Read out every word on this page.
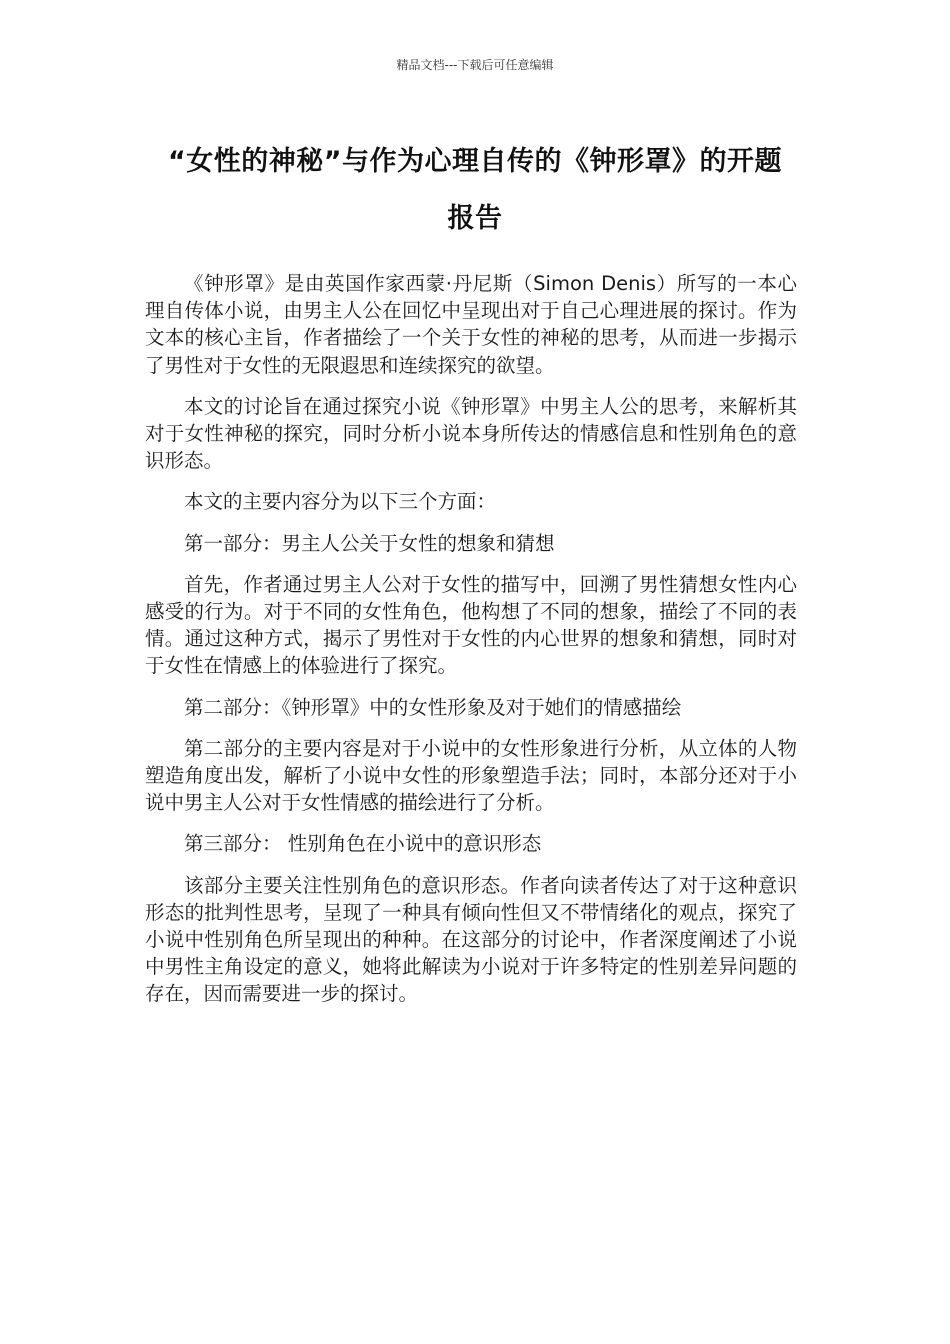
精品文档---下载后可任意编辑
“女性的神秘”与作为心理自传的《钟形罩》的开题
报告

《钟形罩》是由英国作家西蒙·丹尼斯（Simon Denis）所写的一本心理自传体小说，由男主人公在回忆中呈现出对于自己心理进展的探讨。作为文本的核心主旨，作者描绘了一个关于女性的神秘的思考，从而进一步揭示了男性对于女性的无限遐思和连续探究的欲望。

本文的讨论旨在通过探究小说《钟形罩》中男主人公的思考，来解析其对于女性神秘的探究，同时分析小说本身所传达的情感信息和性别角色的意识形态。

本文的主要内容分为以下三个方面：

第一部分：男主人公关于女性的想象和猜想

首先，作者通过男主人公对于女性的描写中，回溯了男性猜想女性内心感受的行为。对于不同的女性角色，他构想了不同的想象，描绘了不同的表情。通过这种方式，揭示了男性对于女性的内心世界的想象和猜想，同时对于女性在情感上的体验进行了探究。

第二部分：《钟形罩》中的女性形象及对于她们的情感描绘

第二部分的主要内容是对于小说中的女性形象进行分析，从立体的人物塑造角度出发，解析了小说中女性的形象塑造手法；同时，本部分还对于小说中男主人公对于女性情感的描绘进行了分析。

第三部分： 性别角色在小说中的意识形态

该部分主要关注性别角色的意识形态。作者向读者传达了对于这种意识形态的批判性思考，呈现了一种具有倾向性但又不带情绪化的观点，探究了小说中性别角色所呈现出的种种。在这部分的讨论中，作者深度阐述了小说中男性主角设定的意义，她将此解读为小说对于许多特定的性别差异问题的存在，因而需要进一步的探讨。
